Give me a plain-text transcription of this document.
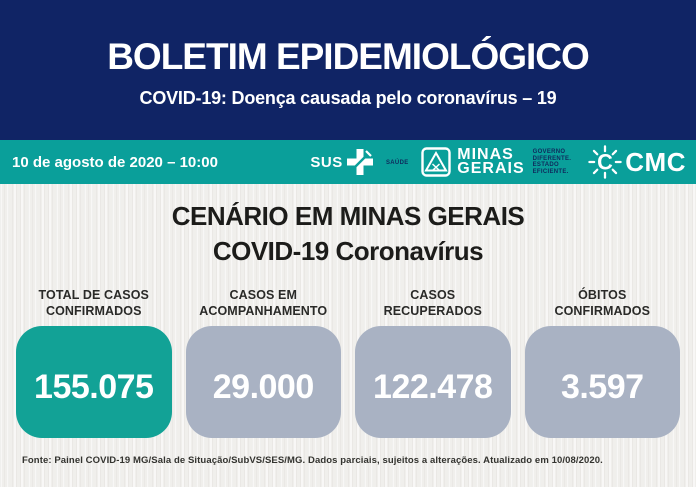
BOLETIM EPIDEMIOLÓGICO
COVID-19: Doença causada pelo coronavírus – 19
10 de agosto de 2020 – 10:00	SUS	SAÚDE	MINAS
GERAIS
GOVERNO
DIFERENTE.
ESTADO
EFICIENTE. C CMC
CENÁRIO EM MINAS GERAIS
COVID-19 Coronavírus
TOTAL DE CASOS
CONFIRMADOS
155.075
CASOS EM
ACOMPANHAMENTO
29.000
CASOS
RECUPERADOS
122.478
ÓBITOS
CONFIRMADOS
3.597
Fonte: Painel COVID-19 MG/Sala de Situação/SubVS/SES/MG. Dados parciais, sujeitos a alterações. Atualizado em 10/08/2020.
